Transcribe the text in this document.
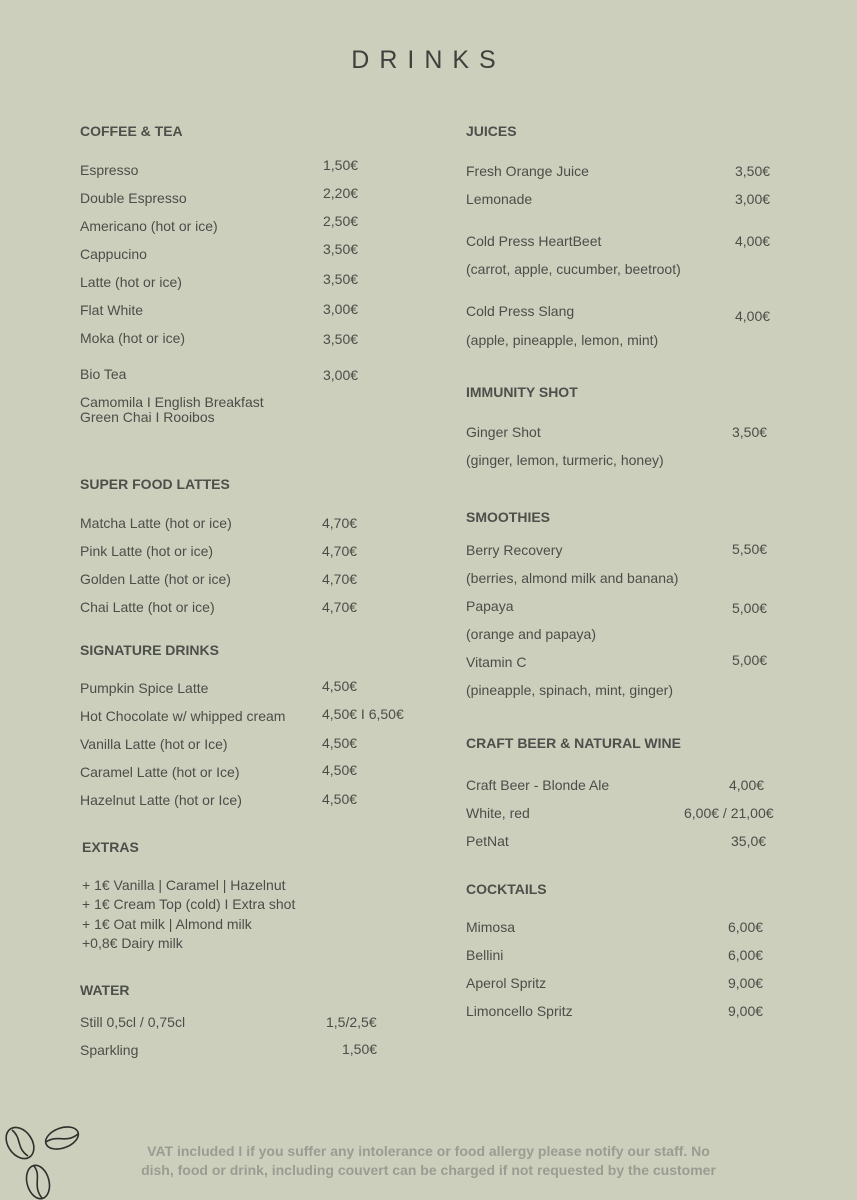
DRINKS
COFFEE & TEA
Espresso	1,50€
Double Espresso	2,20€
Americano (hot or ice)	2,50€
Cappucino	3,50€
Latte (hot or ice)	3,50€
Flat White	3,00€
Moka (hot or ice)	3,50€
Bio Tea	3,00€
Camomila I English Breakfast
Green Chai I Rooibos
SUPER FOOD LATTES
Matcha Latte (hot or ice)	4,70€
Pink Latte (hot or ice)	4,70€
Golden Latte (hot or ice)	4,70€
Chai Latte (hot or ice)	4,70€
SIGNATURE DRINKS
Pumpkin Spice Latte	4,50€
Hot Chocolate w/ whipped cream	4,50€ I 6,50€
Vanilla Latte (hot or Ice)	4,50€
Caramel Latte (hot or Ice)	4,50€
Hazelnut Latte (hot or Ice)	4,50€
EXTRAS
+ 1€ Vanilla | Caramel | Hazelnut
+ 1€ Cream Top (cold) I Extra shot
+ 1€ Oat milk | Almond milk
+0,8€ Dairy milk
WATER
Still 0,5cl / 0,75cl	1,5/2,5€
Sparkling	1,50€
JUICES
Fresh Orange Juice	3,50€
Lemonade	3,00€
Cold Press HeartBeet	4,00€
(carrot, apple, cucumber, beetroot)
Cold Press Slang	4,00€
(apple, pineapple, lemon, mint)
IMMUNITY SHOT
Ginger Shot	3,50€
(ginger, lemon, turmeric, honey)
SMOOTHIES
Berry Recovery	5,50€
(berries, almond milk and banana)
Papaya	5,00€
(orange and papaya)
Vitamin C	5,00€
(pineapple, spinach, mint, ginger)
CRAFT BEER & NATURAL WINE
Craft Beer - Blonde Ale	4,00€
White, red	6,00€ / 21,00€
PetNat	35,0€
COCKTAILS
Mimosa	6,00€
Bellini	6,00€
Aperol Spritz	9,00€
Limoncello Spritz	9,00€
VAT included I if you suffer any intolerance or food allergy please notify our staff. No
dish, food or drink, including couvert can be charged if not requested by the customer
